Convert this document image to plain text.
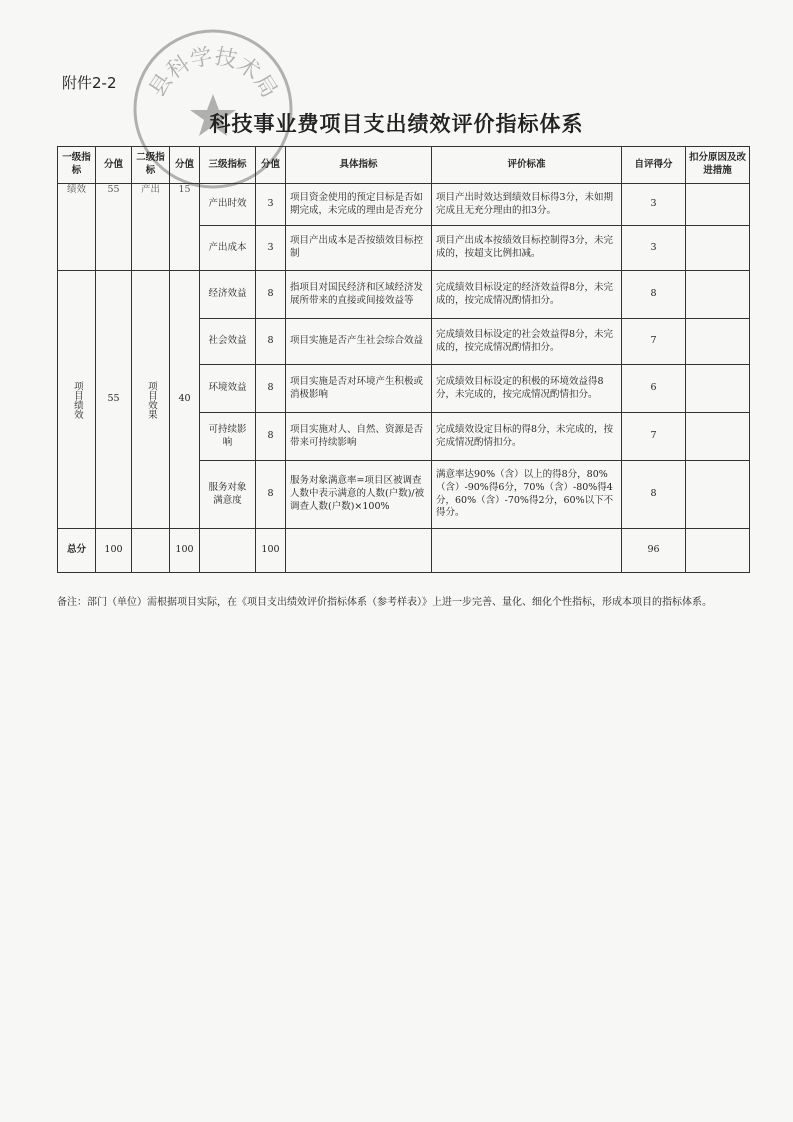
附件2-2 县科学技术局
科技事业费项目支出绩效评价指标体系
一级指标	分值	二级指标	分值	三级指标	分值	具体指标	评价标准	自评得分	扣分原因及改进措施
绩效	55	产出	15	产出时效	3	项目资金使用的预定目标是否如期完成，未完成的理由是否充分	项目产出时效达到绩效目标得3分，未如期完成且无充分理由的扣3分。	3	
				产出成本	3	项目产出成本是否按绩效目标控制	项目产出成本按绩效目标控制得3分，未完成的，按超支比例扣减。	3	
项目绩效	55	项目效果	40	经济效益	8	指项目对国民经济和区域经济发展所带来的直接或间接效益等	完成绩效目标设定的经济效益得8分，未完成的，按完成情况酌情扣分。	8	
				社会效益	8	项目实施是否产生社会综合效益	完成绩效目标设定的社会效益得8分，未完成的，按完成情况酌情扣分。	7	
				环境效益	8	项目实施是否对环境产生积极或消极影响	完成绩效目标设定的积极的环境效益得8分，未完成的，按完成情况酌情扣分。	6	
				可持续影响	8	项目实施对人、自然、资源是否带来可持续影响	完成绩效设定目标的得8分，未完成的，按完成情况酌情扣分。	7	
				服务对象满意度	8	服务对象满意率=项目区被调查人数中表示满意的人数(户数)/被调查人数(户数)×100%	满意率达90%（含）以上的得8分，80%（含）-90%得6分，70%（含）-80%得4分，60%（含）-70%得2分，60%以下不得分。	8	
总分	100		100		100			96	
备注：部门（单位）需根据项目实际，在《项目支出绩效评价指标体系（参考样表）》上进一步完善、量化、细化个性指标，形成本项目的指标体系。
